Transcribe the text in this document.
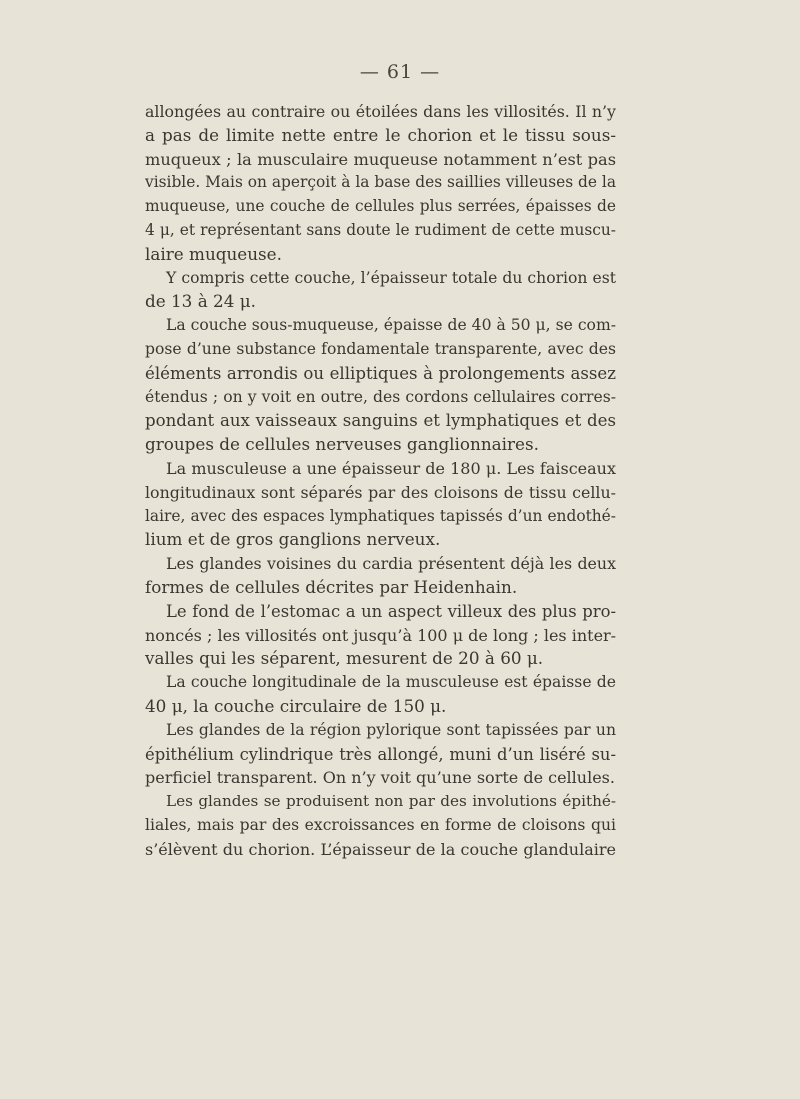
— 61 —
allongées au contraire ou étoilées dans les villosités. Il n’y
a pas de limite nette entre le chorion et le tissu sous-
muqueux ; la musculaire muqueuse notamment n’est pas
visible. Mais on aperçoit à la base des saillies villeuses de la
muqueuse, une couche de cellules plus serrées, épaisses de
4 μ, et représentant sans doute le rudiment de cette muscu-
laire muqueuse.
Y compris cette couche, l’épaisseur totale du chorion est
de 13 à 24 μ.
La couche sous-muqueuse, épaisse de 40 à 50 μ, se com-
pose d’une substance fondamentale transparente, avec des
éléments arrondis ou elliptiques à prolongements assez
étendus ; on y voit en outre, des cordons cellulaires corres-
pondant aux vaisseaux sanguins et lymphatiques et des
groupes de cellules nerveuses ganglionnaires.
La musculeuse a une épaisseur de 180 μ. Les faisceaux
longitudinaux sont séparés par des cloisons de tissu cellu-
laire, avec des espaces lymphatiques tapissés d’un endothé-
lium et de gros ganglions nerveux.
Les glandes voisines du cardia présentent déjà les deux
formes de cellules décrites par Heidenhain.
Le fond de l’estomac a un aspect villeux des plus pro-
noncés ; les villosités ont jusqu’à 100 μ de long ; les inter-
valles qui les séparent, mesurent de 20 à 60 μ.
La couche longitudinale de la musculeuse est épaisse de
40 μ, la couche circulaire de 150 μ.
Les glandes de la région pylorique sont tapissées par un
épithélium cylindrique très allongé, muni d’un liséré su-
perficiel transparent. On n’y voit qu’une sorte de cellules.
Les glandes se produisent non par des involutions épithé-
liales, mais par des excroissances en forme de cloisons qui
s’élèvent du chorion. L’épaisseur de la couche glandulaire
